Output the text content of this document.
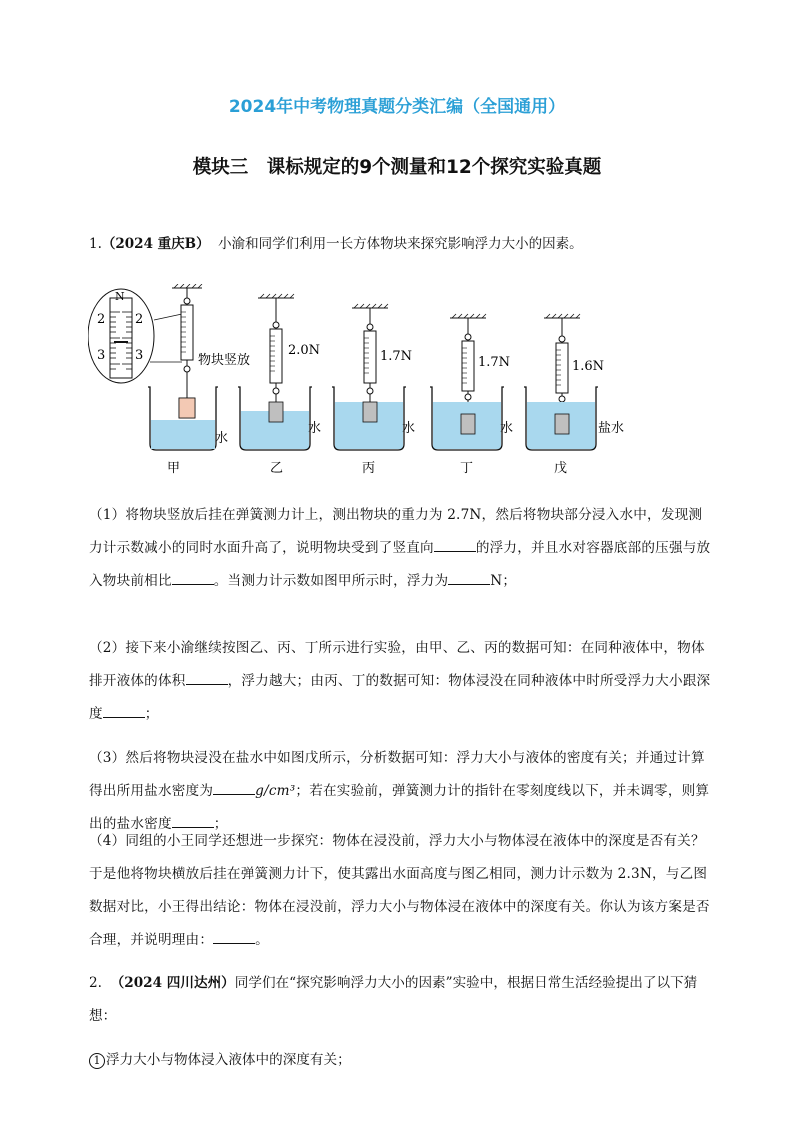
2024年中考物理真题分类汇编（全国通用）
模块三　课标规定的9个测量和12个探究实验真题
1.（2024 重庆B） 小渝和同学们利用一长方体物块来探究影响浮力大小的因素。
N
2 2
3 3	物块竖放
水
甲
2.0N
水
乙
1.7N
水
丙
1.7N
水
丁
1.6N
盐水
戊
（1）将物块竖放后挂在弹簧测力计上，测出物块的重力为 2.7N，然后将物块部分浸入水中，发现测力计示数减小的同时水面升高了，说明物块受到了竖直向	的浮力，并且水对容器底部的压强与放入物块前相比	。当测力计示数如图甲所示时，浮力为	N；
（2）接下来小渝继续按图乙、丙、丁所示进行实验，由甲、乙、丙的数据可知：在同种液体中，物体排开液体的体积	，浮力越大；由丙、丁的数据可知：物体浸没在同种液体中时所受浮力大小跟深度	；
（3）然后将物块浸没在盐水中如图戊所示，分析数据可知：浮力大小与液体的密度有关；并通过计算得出所用盐水密度为	g/cm³；若在实验前，弹簧测力计的指针在零刻度线以下，并未调零，则算出的盐水密度	；
（4）同组的小王同学还想进一步探究：物体在浸没前，浮力大小与物体浸在液体中的深度是否有关？于是他将物块横放后挂在弹簧测力计下，使其露出水面高度与图乙相同，测力计示数为 2.3N，与乙图数据对比，小王得出结论：物体在浸没前，浮力大小与物体浸在液体中的深度有关。你认为该方案是否合理，并说明理由：	。
2. （2024 四川达州）同学们在“探究影响浮力大小的因素”实验中，根据日常生活经验提出了以下猜想：
1 浮力大小与物体浸入液体中的深度有关；
